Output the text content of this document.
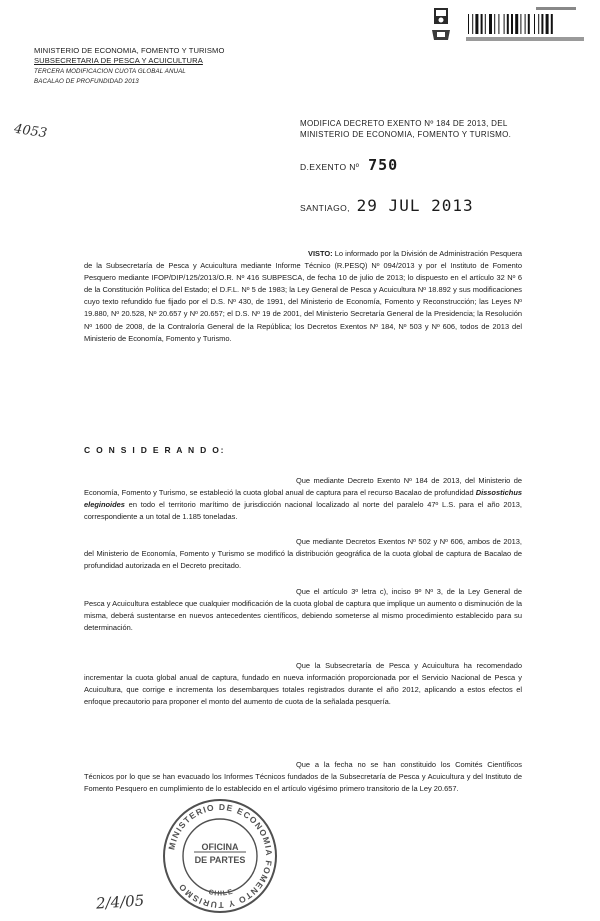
MINISTERIO DE ECONOMIA, FOMENTO Y TURISMO
SUBSECRETARIA DE PESCA Y ACUICULTURA
TERCERA MODIFICACION CUOTA GLOBAL ANUAL
BACALAO DE PROFUNDIDAD 2013
4053	MODIFICA DECRETO EXENTO Nº 184 DE 2013, DEL
MINISTERIO DE ECONOMIA, FOMENTO Y TURISMO.
D.EXENTO Nº 750
SANTIAGO, 29 JUL 2013

VISTO: Lo informado por la División de Administración Pesquera de la Subsecretaría de Pesca y Acuicultura mediante Informe Técnico (R.PESQ) Nº 094/2013 y por el Instituto de Fomento Pesquero mediante IFOP/DIP/125/2013/O.R. Nº 416 SUBPESCA, de fecha 10 de julio de 2013; lo dispuesto en el artículo 32 Nº 6 de la Constitución Política del Estado; el D.F.L. Nº 5 de 1983; la Ley General de Pesca y Acuicultura Nº 18.892 y sus modificaciones cuyo texto refundido fue fijado por el D.S. Nº 430, de 1991, del Ministerio de Economía, Fomento y Reconstrucción; las Leyes Nº 19.880, Nº 20.528, Nº 20.657 y Nº 20.657; el D.S. Nº 19 de 2001, del Ministerio Secretaría General de la Presidencia; la Resolución Nº 1600 de 2008, de la Contraloría General de la República; los Decretos Exentos Nº 184, Nº 503 y Nº 606, todos de 2013 del Ministerio de Economía, Fomento y Turismo.

C O N S I D E R A N D O:

Que mediante Decreto Exento Nº 184 de 2013, del Ministerio de Economía, Fomento y Turismo, se estableció la cuota global anual de captura para el recurso Bacalao de profundidad Dissostichus eleginoides en todo el territorio marítimo de jurisdicción nacional localizado al norte del paralelo 47º L.S. para el año 2013, correspondiente a un total de 1.185 toneladas.

Que mediante Decretos Exentos Nº 502 y Nº 606, ambos de 2013, del Ministerio de Economía, Fomento y Turismo se modificó la distribución geográfica de la cuota global de captura de Bacalao de profundidad autorizada en el Decreto precitado.

Que el artículo 3º letra c), inciso 9º Nº 3, de la Ley General de Pesca y Acuicultura establece que cualquier modificación de la cuota global de captura que implique un aumento o disminución de la misma, deberá sustentarse en nuevos antecedentes científicos, debiendo someterse al mismo procedimiento establecido para su determinación.

Que la Subsecretaría de Pesca y Acuicultura ha recomendado incrementar la cuota global anual de captura, fundado en nueva información proporcionada por el Servicio Nacional de Pesca y Acuicultura, que corrige e incrementa los desembarques totales registrados durante el año 2012, aplicando a estos efectos el enfoque precautorio para proponer el monto del aumento de cuota de la señalada pesquería.

Que a la fecha no se han constituido los Comités Científicos Técnicos por lo que se han evacuado los Informes Técnicos fundados de la Subsecretaría de Pesca y Acuicultura y del Instituto de Fomento Pesquero en cumplimiento de lo establecido en el artículo vigésimo primero transitorio de la Ley 20.657.

MINISTERIO DE ECONOMIA FOMENTO Y TURISMO	CHILE
OFICINA
DE PARTES
2/4/05
